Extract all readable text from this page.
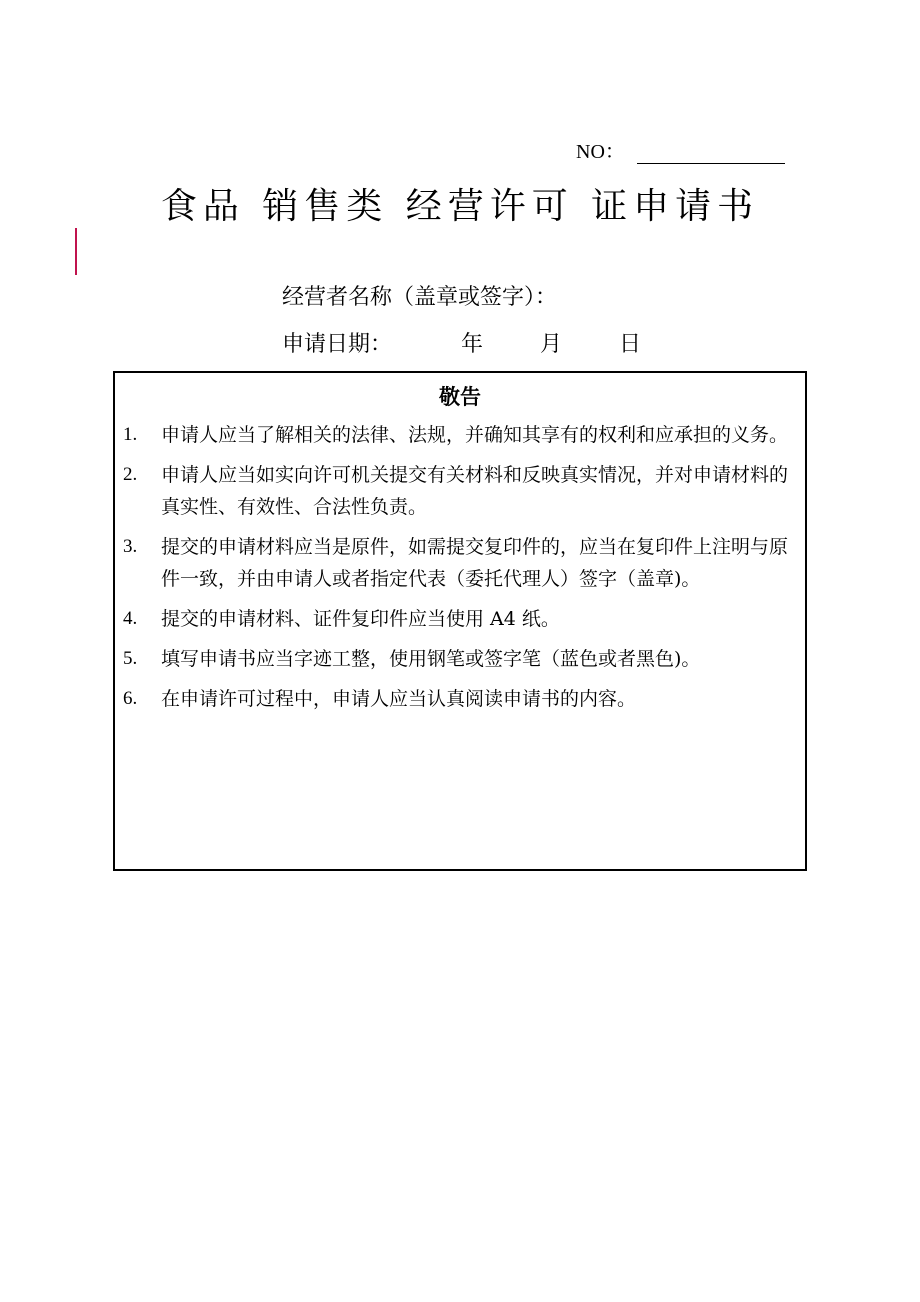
NO：
食品 销售类 经营许可 证申请书
经营者名称（盖章或签字）：
申请日期：	年	月	日
敬告
1.	申请人应当了解相关的法律、法规，并确知其享有的权利和应承担的义务。
2.	申请人应当如实向许可机关提交有关材料和反映真实情况，并对申请材料的真实性、有效性、合法性负责。
3.	提交的申请材料应当是原件，如需提交复印件的，应当在复印件上注明与原件一致，并由申请人或者指定代表（委托代理人）签字（盖章)。
4.	提交的申请材料、证件复印件应当使用 A4 纸。
5.	填写申请书应当字迹工整，使用钢笔或签字笔（蓝色或者黑色)。
6.	在申请许可过程中，申请人应当认真阅读申请书的内容。
